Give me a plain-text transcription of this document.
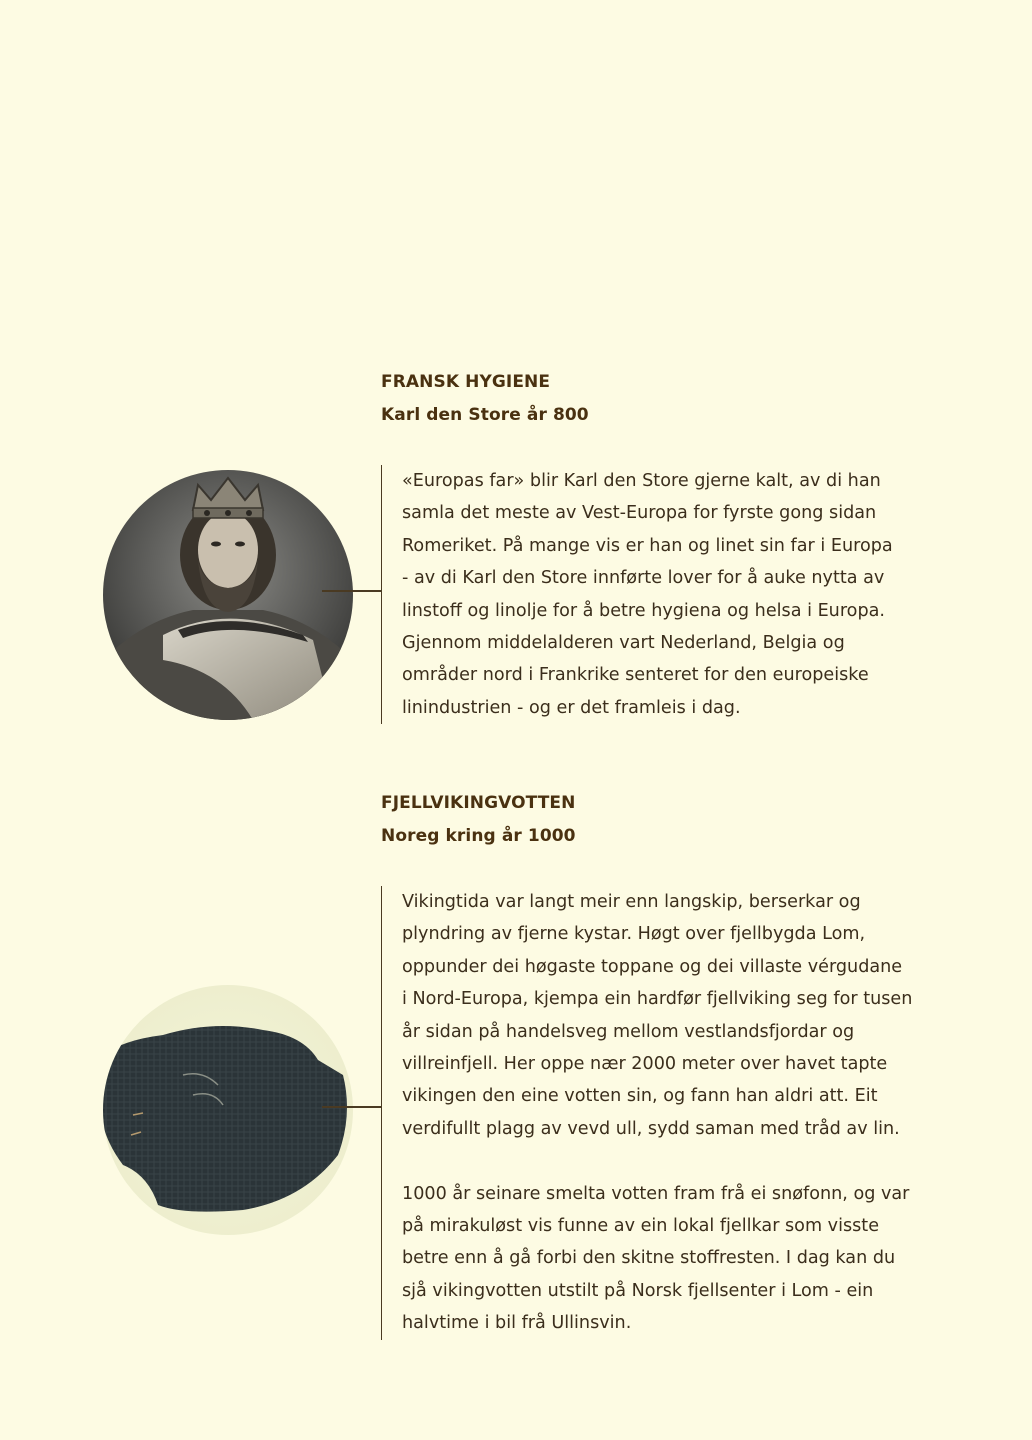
FRANSK HYGIENE
Karl den Store år 800

«Europas far» blir Karl den Store gjerne kalt, av di han
samla det meste av Vest-Europa for fyrste gong sidan
Romeriket. På mange vis er han og linet sin far i Europa
- av di Karl den Store innførte lover for å auke nytta av
linstoff og linolje for å betre hygiena og helsa i Europa.
Gjennom middelalderen vart Nederland, Belgia og
områder nord i Frankrike senteret for den europeiske
linindustrien - og er det framleis i dag.

FJELLVIKINGVOTTEN
Noreg kring år 1000

Vikingtida var langt meir enn langskip, berserkar og
plyndring av fjerne kystar. Høgt over fjellbygda Lom,
oppunder dei høgaste toppane og dei villaste vérgudane
i Nord-Europa, kjempa ein hardfør fjellviking seg for tusen
år sidan på handelsveg mellom vestlandsfjordar og
villreinfjell. Her oppe nær 2000 meter over havet tapte
vikingen den eine votten sin, og fann han aldri att. Eit
verdifullt plagg av vevd ull, sydd saman med tråd av lin.

1000 år seinare smelta votten fram frå ei snøfonn, og var
på mirakuløst vis funne av ein lokal fjellkar som visste
betre enn å gå forbi den skitne stoffresten. I dag kan du
sjå vikingvotten utstilt på Norsk fjellsenter i Lom - ein
halvtime i bil frå Ullinsvin.
